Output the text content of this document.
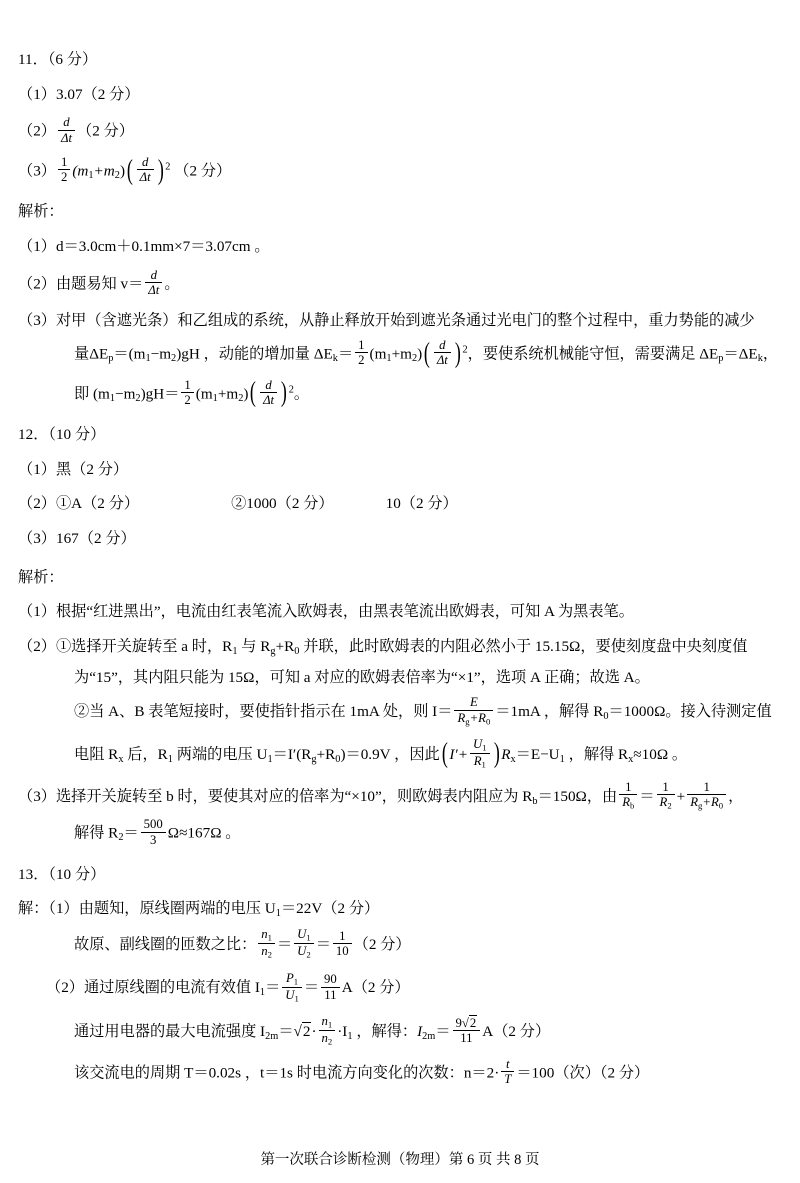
11．（6 分）
（1）3.07（2 分）
$(2) \frac{d}{\Delta t} (2$ 分）
$(3) \frac{1}{2} (m_1+m_2)( \frac{d}{\Delta t}$ ) $^2$ （2 分）
解析：
（1）d＝3.0cm＋0.1mm×7＝3.07cm 。
（2）由题易知 $v= \frac{d}{\Delta t}$ 。
（3）对甲（含遮光条）和乙组成的系统，从静止释放开始到遮光条通过光电门的整个过程中，重力势能的减少
量$\Delta E_p=(m_1-m_2)gH$ ，动能的增加量 $\Delta E_k= \frac{1}{2} (m_1+m_2)( \frac{d}{\Delta t}$ ) $^2$，要使系统机械能守恒，需要满足 $\Delta E_p=\Delta E_k$，
即 $(m_1-m_2)gH= \frac{1}{2} (m_1+m_2)( \frac{d}{\Delta t}$ ) $^2$。
12．（10 分）
（1）黑（2 分）
（2）①A（2 分）	②1000（2 分）	10（2 分）
（3）167（2 分）
解析：
（1）根据“红进黑出”，电流由红表笔流入欧姆表，由黑表笔流出欧姆表，可知 A 为黑表笔。
（2）①选择开关旋转至 a 时，$R_1$ 与 $R_g+R_0$ 并联，此时欧姆表的内阻必然小于 15.15Ω，要使刻度盘中央刻度值
为“15”，其内阻只能为 15Ω，可知 a 对应的欧姆表倍率为“×1”，选项 A 正确；故选 A。
②当 A、B 表笔短接时，要使指针指示在 1mA 处，则 $I= \frac{E}{R_g+R_0} =1mA$ ，解得 $R_0=1000\Omega$。接入待测定值
电阻 $R_x$ 后，$R_1$ 两端的电压 $U_1=I'(R_g+R_0)=0.9V$ ，因此( $I'+ \frac{U_1}{R_1}$ ) $R_x=E-U_1$ ，解得 $R_x\approx 10\Omega$ 。
（3）选择开关旋转至 b 时，要使其对应的倍率为“×10”，则欧姆表内阻应为 $R_b=150\Omega$，由 $\frac{1}{R_b} = \frac{1}{R_2} + \frac{1}{R_g+R_0}$ ，
解得 $R_2= \frac{500}{3} \Omega\approx 167\Omega$ 。
13．（10 分）
解：（1）由题知，原线圈两端的电压 $U_1=22V(2$ 分）
故原、副线圈的匝数之比： $\frac{n_1}{n_2} = \frac{U_1}{U_2} = \frac{1}{10} (2$ 分）
（2）通过原线圈的电流有效值 $I_1= \frac{P_1}{U_1} = \frac{90}{11} A(2$ 分）
通过用电器的最大电流强度 $I_{2m}=√2\cdot \frac{n_1}{n_2} \cdot I_1$ ，解得：$I_{2m}= \frac{9√2}{11} A(2$ 分）
该交流电的周期 T＝0.02s ，t＝1s 时电流方向变化的次数：$n=2\cdot \frac{t}{T} =100$（次）（2 分）
第一次联合诊断检测（物理）第 6 页 共 8 页
